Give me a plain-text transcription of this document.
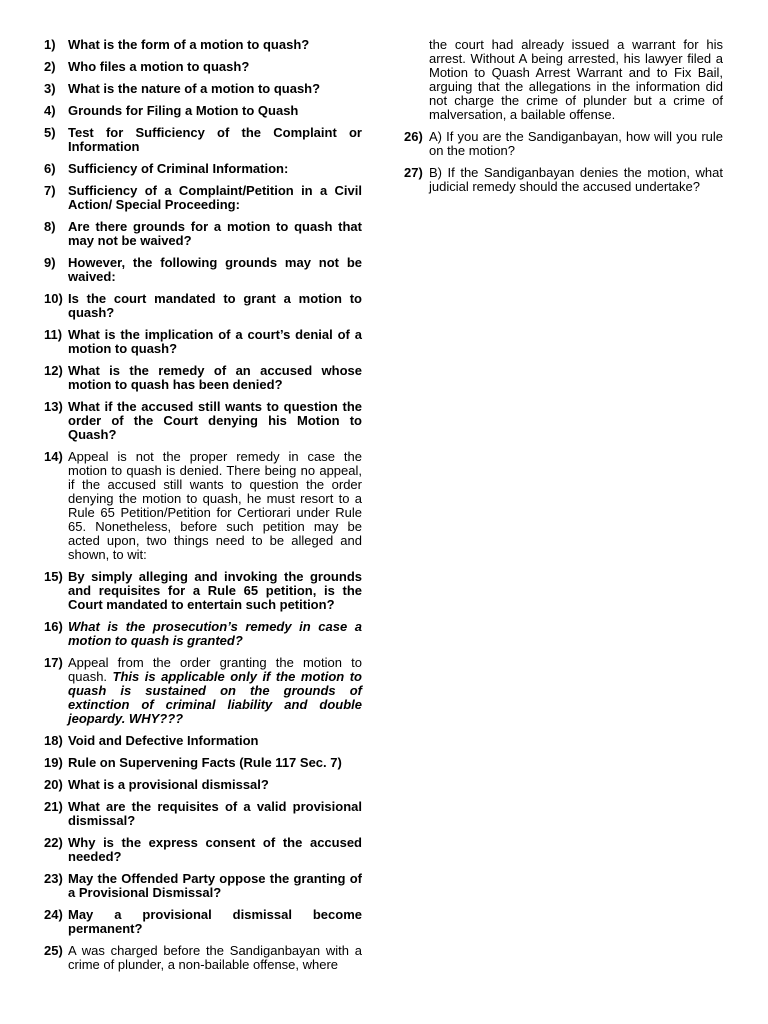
1) What is the form of a motion to quash?
2) Who files a motion to quash?
3) What is the nature of a motion to quash?
4) Grounds for Filing a Motion to Quash
5) Test for Sufficiency of the Complaint or Information
6) Sufficiency of Criminal Information:
7) Sufficiency of a Complaint/Petition in a Civil Action/ Special Proceeding:
8) Are there grounds for a motion to quash that may not be waived?
9) However, the following grounds may not be waived:
10) Is the court mandated to grant a motion to quash?
11) What is the implication of a court’s denial of a motion to quash?
12) What is the remedy of an accused whose motion to quash has been denied?
13) What if the accused still wants to question the order of the Court denying his Motion to Quash?
14) Appeal is not the proper remedy in case the motion to quash is denied. There being no appeal, if the accused still wants to question the order denying the motion to quash, he must resort to a Rule 65 Petition/Petition for Certiorari under Rule 65. Nonetheless, before such petition may be acted upon, two things need to be alleged and shown, to wit:
15) By simply alleging and invoking the grounds and requisites for a Rule 65 petition, is the Court mandated to entertain such petition?
16) What is the prosecution’s remedy in case a motion to quash is granted?
17) Appeal from the order granting the motion to quash. This is applicable only if the motion to quash is sustained on the grounds of extinction of criminal liability and double jeopardy. WHY???
18) Void and Defective Information
19) Rule on Supervening Facts (Rule 117 Sec. 7)
20) What is a provisional dismissal?
21) What are the requisites of a valid provisional dismissal?
22) Why is the express consent of the accused needed?
23) May the Offended Party oppose the granting of a Provisional Dismissal?
24) May a provisional dismissal become permanent?
25) A was charged before the Sandiganbayan with a crime of plunder, a non-bailable offense, where
the court had already issued a warrant for his arrest. Without A being arrested, his lawyer filed a Motion to Quash Arrest Warrant and to Fix Bail, arguing that the allegations in the information did not charge the crime of plunder but a crime of malversation, a bailable offense.
26) A) If you are the Sandiganbayan, how will you rule on the motion?
27) B) If the Sandiganbayan denies the motion, what judicial remedy should the accused undertake?
